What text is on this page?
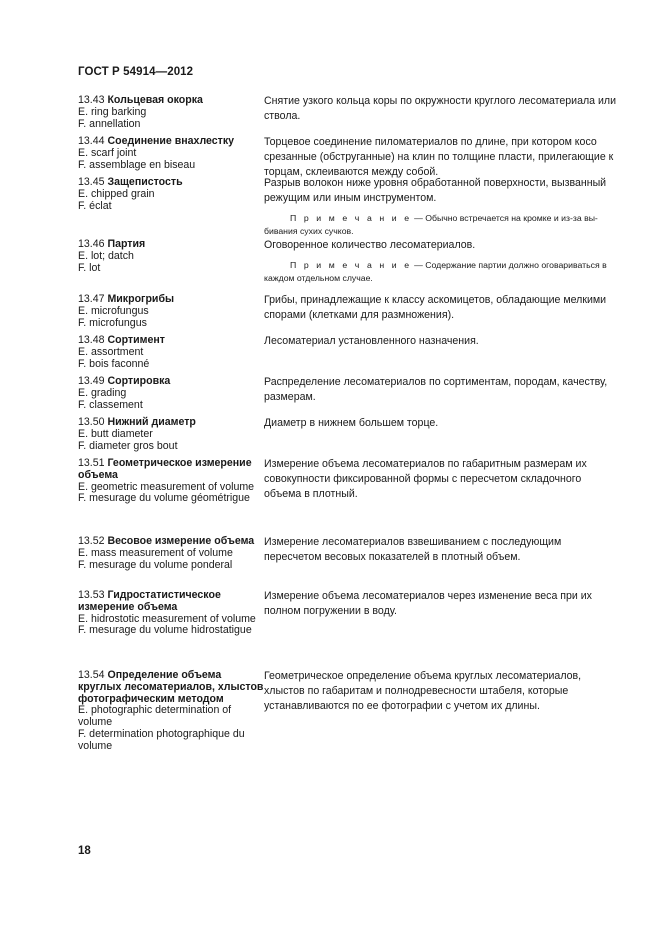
ГОСТ Р 54914—2012
13.43 Кольцевая окорка
E. ring barking
F. annellation
Снятие узкого кольца коры по окружности круглого лесоматериала или ствола.
13.44 Соединение внахлестку
E. scarf joint
F. assemblage en biseau
Торцевое соединение пиломатериалов по длине, при котором косо срезанные (обструганные) на клин по толщине пласти, прилегающие к торцам, склеиваются между собой.
13.45 Защепистость
E. chipped grain
F. éclat
Разрыв волокон ниже уровня обработанной поверхности, вызванный режущим или иным инструментом.
П р и м е ч а н и е — Обычно встречается на кромке и из-за вы-бивания сухих сучков.
13.46 Партия
E. lot; datch
F. lot
Оговоренное количество лесоматериалов.
П р и м е ч а н и е — Содержание партии должно оговариваться в каждом отдельном случае.
13.47 Микрогрибы
E. microfungus
F. microfungus
Грибы, принадлежащие к классу аскомицетов, обладающие мелкими спорами (клетками для размножения).
13.48 Сортимент
E. assortment
F. bois faconné
Лесоматериал установленного назначения.
13.49 Сортировка
E. grading
F. classement
Распределение лесоматериалов по сортиментам, породам, качеству, размерам.
13.50 Нижний диаметр
E. butt diameter
F. diameter gros bout
Диаметр в нижнем большем торце.
13.51 Геометрическое измерение объема
E. geometric measurement of volume
F. mesurage du volume géométrigue
Измерение объема лесоматериалов по габаритным размерам их совокупности фиксированной формы с пересчетом складочного объема в плотный.
13.52 Весовое измерение объема
E. mass measurement of volume
F. mesurage du volume ponderal
Измерение лесоматериалов взвешиванием с последующим пересчетом весовых показателей в плотный объем.
13.53 Гидростатистическое измерение объема
E. hidrostotic measurement of volume
F. mesurage du volume hidrostatigue
Измерение объема лесоматериалов через изменение веса при их полном погружении в воду.
13.54 Определение объема круглых лесоматериалов, хлыстов фотографическим методом
E. photographic determination of volume
F. determination photographique du volume
Геометрическое определение объема круглых лесоматериалов, хлыстов по габаритам и полнодревесности штабеля, которые устанавливаются по ее фотографии с учетом их длины.
18
